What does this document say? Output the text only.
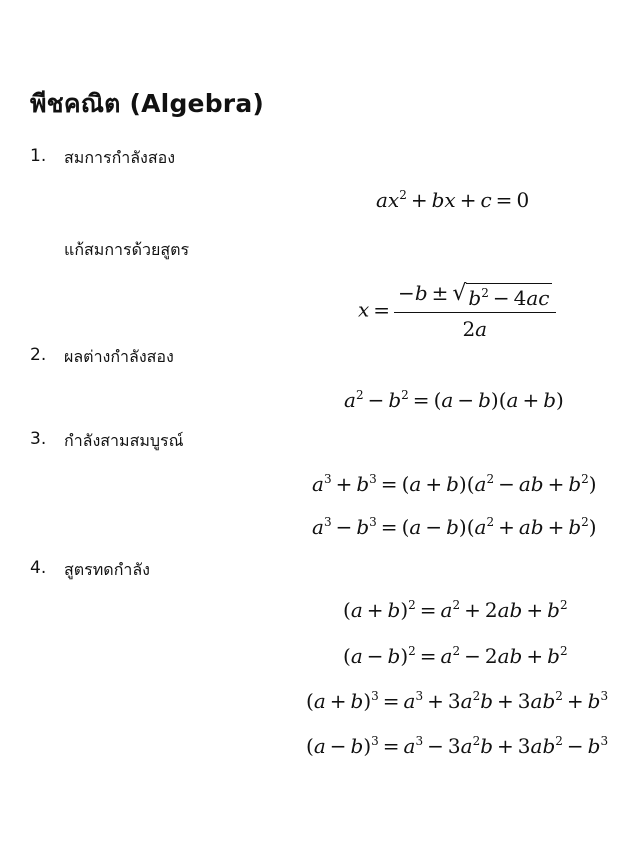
พีชคณิต (Algebra)
1. สมการกำลังสอง
$ax^2$ + bx + c = 0
แก้สมการด้วยสูตร
$x = \frac{-b \pm √ b^2 - 4ac}{2a}$
2. ผลต่างกำลังสอง
$a^2 - b^2 = (a - b)(a + b)$
3. กำลังสามสมบูรณ์
$a^3 + b^3 = (a + b)(a^2$ − ab + $b^2$)
$a^3 - b^3 = (a - b)(a^2$ + ab + $b^2$)
4. สูตรทดกำลัง
$(a + b)^2 = a^2 + 2ab + b^2$
$(a - b)^2 = a^2 - 2ab + b^2$
$(a + b)^3 = a^3 + 3a^2b + 3ab^2 + b^3$
$(a - b)^3 = a^3 - 3a^2b + 3ab^2 - b^3$
